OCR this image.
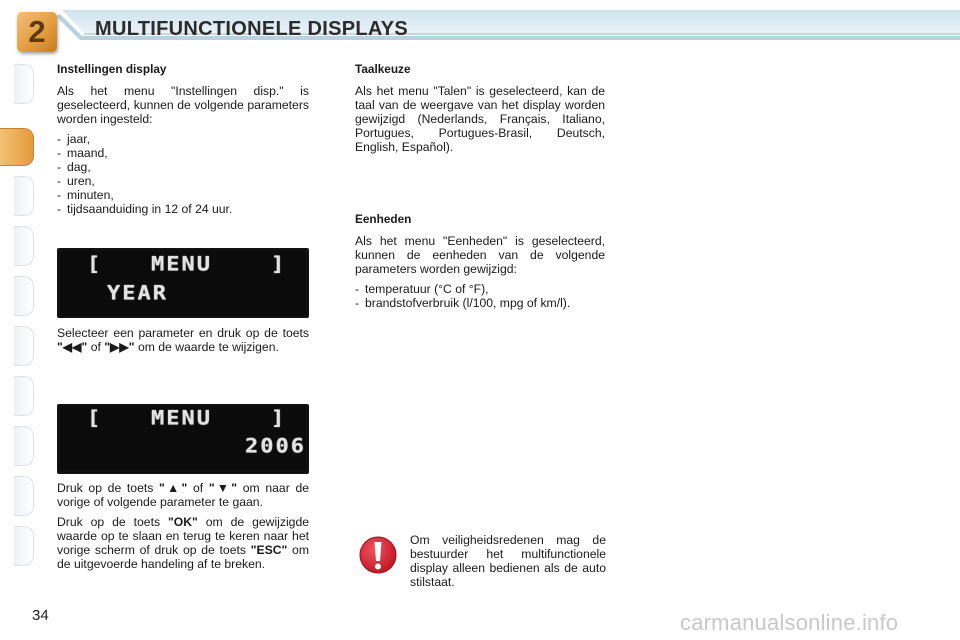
2	MULTIFUNCTIONELE DISPLAYS
Instellingen display
Als het menu "Instellingen disp." is geselecteerd, kunnen de volgende parameters worden ingesteld:
- jaar,
- maand,
- dag,
- uren,
- minuten,
- tijdsaanduiding in 12 of 24 uur.
[ MENU	]
YEAR
Selecteer een parameter en druk op de toets "◀◀" of "▶▶" om de waarde te wijzigen.
[ MENU	]
2006
Druk op de toets "▲" of "▼" om naar de vorige of volgende parameter te gaan.
Druk op de toets "OK" om de gewijzigde waarde op te slaan en terug te keren naar het vorige scherm of druk op de toets "ESC" om de uitgevoerde handeling af te breken.
Taalkeuze
Als het menu "Talen" is geselecteerd, kan de taal van de weergave van het display worden gewijzigd (Nederlands, Français, Italiano, Portugues, Portugues-Brasil, Deutsch, English, Español).
Eenheden
Als het menu "Eenheden" is geselecteerd, kunnen de eenheden van de volgende parameters worden gewijzigd:
- temperatuur (°C of °F),
- brandstofverbruik (l/100, mpg of km/l).
Om veiligheidsredenen mag de bestuurder het multifunctionele display alleen bedienen als de auto stilstaat.
34	carmanualsonline.info
